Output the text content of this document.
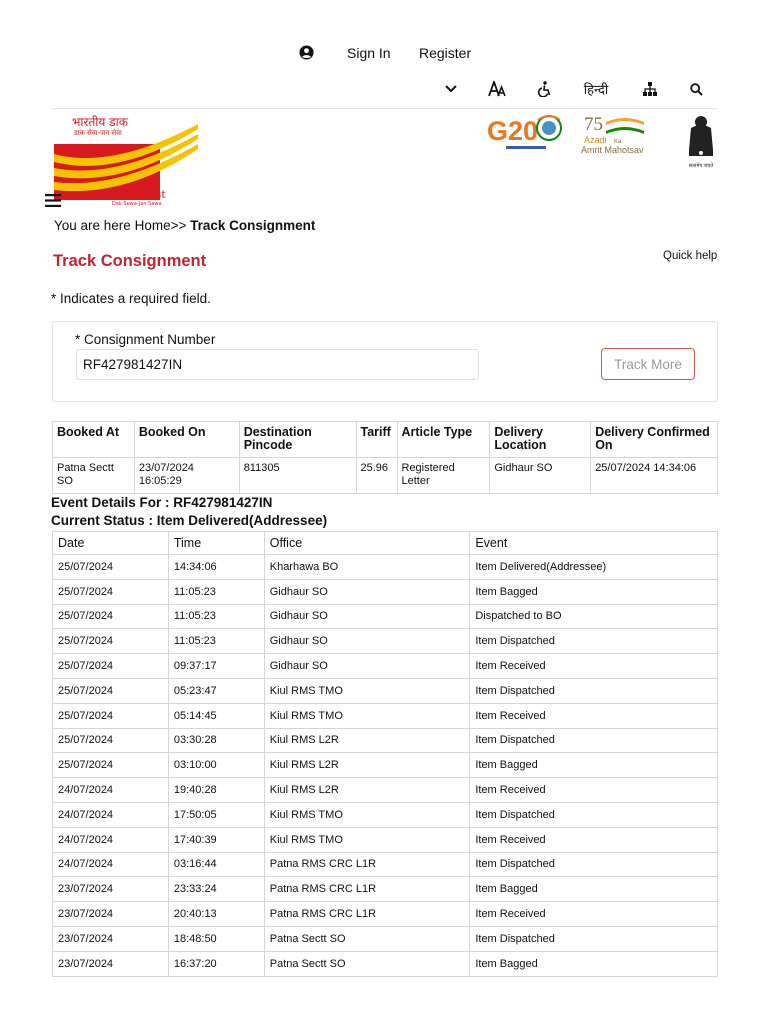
Sign In Register
हिन्दी
भारतीय डाक
डाक सेवा-जन सेवा
India Post
Dak Sewa-Jan Sewa
G20 75
Azadi Ka
Amrit Mahotsav
सत्यमेव जयते
You are here Home>> Track Consignment
Track Consignment	Quick help
* Indicates a required field.
* Consignment Number
RF427981427IN
Track More
Booked At	Booked On	Destination Pincode	Tariff	Article Type	Delivery Location	Delivery Confirmed On
Patna Sectt SO	23/07/2024 16:05:29	811305	25.96	Registered Letter	Gidhaur SO	25/07/2024 14:34:06
Event Details For : RF427981427IN
Current Status : Item Delivered(Addressee)
Date	Time	Office	Event
25/07/2024	14:34:06	Kharhawa BO	Item Delivered(Addressee)
25/07/2024	11:05:23	Gidhaur SO	Item Bagged
25/07/2024	11:05:23	Gidhaur SO	Dispatched to BO
25/07/2024	11:05:23	Gidhaur SO	Item Dispatched
25/07/2024	09:37:17	Gidhaur SO	Item Received
25/07/2024	05:23:47	Kiul RMS TMO	Item Dispatched
25/07/2024	05:14:45	Kiul RMS TMO	Item Received
25/07/2024	03:30:28	Kiul RMS L2R	Item Dispatched
25/07/2024	03:10:00	Kiul RMS L2R	Item Bagged
24/07/2024	19:40:28	Kiul RMS L2R	Item Received
24/07/2024	17:50:05	Kiul RMS TMO	Item Dispatched
24/07/2024	17:40:39	Kiul RMS TMO	Item Received
24/07/2024	03:16:44	Patna RMS CRC L1R	Item Dispatched
23/07/2024	23:33:24	Patna RMS CRC L1R	Item Bagged
23/07/2024	20:40:13	Patna RMS CRC L1R	Item Received
23/07/2024	18:48:50	Patna Sectt SO	Item Dispatched
23/07/2024	16:37:20	Patna Sectt SO	Item Bagged
